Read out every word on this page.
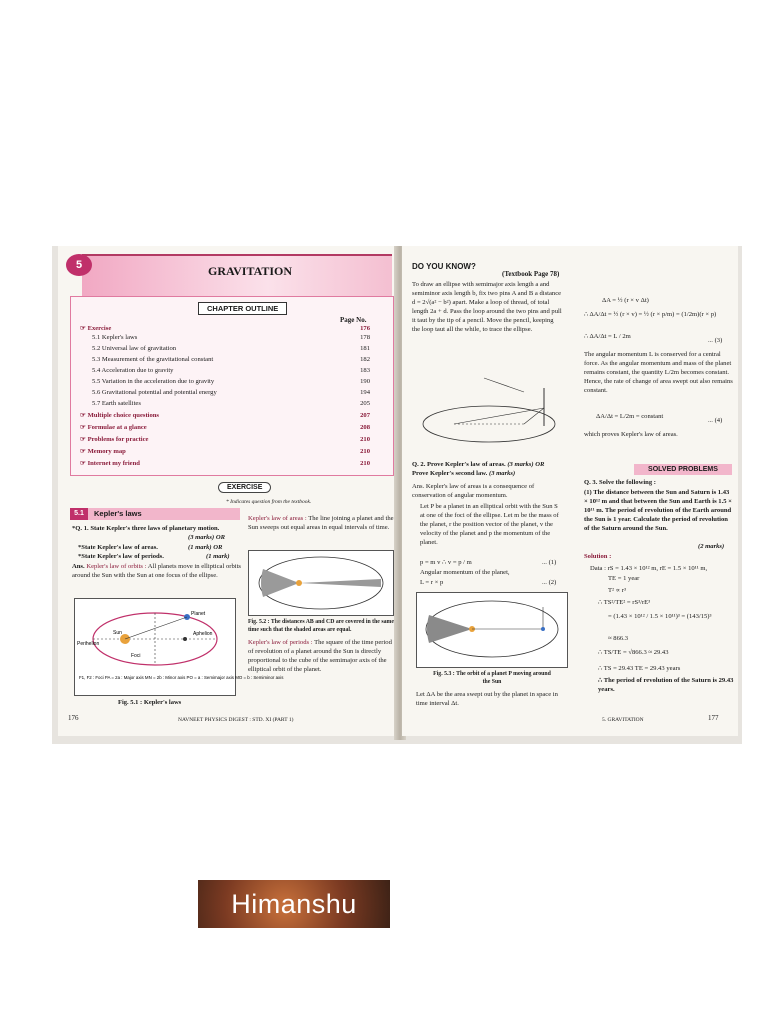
5	GRAVITATION
CHAPTER OUTLINE
Page No.
☞ Exercise	176
5.1 Kepler's laws	178
5.2 Universal law of gravitation	181
5.3 Measurement of the gravitational constant	182
5.4 Acceleration due to gravity	183
5.5 Variation in the acceleration due to gravity	190
5.6 Gravitational potential and potential energy	194
5.7 Earth satellites	205
☞ Multiple choice questions	207
☞ Formulae at a glance	208
☞ Problems for practice	210
☞ Memory map	210
☞ Internet my friend	210
EXERCISE
* Indicates question from the textbook.
5.1	Kepler's laws
*Q. 1. State Kepler's three laws of planetary motion.
(3 marks) OR
*State Kepler's law of areas.	(1 mark) OR
*State Kepler's law of periods.	(1 mark)
Ans. Kepler's law of orbits : All planets move in elliptical orbits around the Sun with the Sun at one focus of the ellipse.
Sun
Planet
Aphelion
Perihelion
Foci
F1, F2 : Foci PA = 2a : Major axis MN = 2b : Minor axis PO = a : Semimajor axis MO = b : Semiminor axis
Fig. 5.1 : Kepler's laws
Kepler's law of areas : The line joining a planet and the Sun sweeps out equal areas in equal intervals of time.
Fig. 5.2 : The distances AB and CD are covered in the same time such that the shaded areas are equal.
Kepler's law of periods : The square of the time period of revolution of a planet around the Sun is directly proportional to the cube of the semimajor axis of the elliptical orbit of the planet.
176	NAVNEET PHYSICS DIGEST : STD. XI (PART 1)
DO YOU KNOW?
(Textbook Page 78)
To draw an ellipse with semimajor axis length a and semiminor axis length b, fix two pins A and B a distance d = 2√(a² − b²) apart. Make a loop of thread, of total length 2a + d. Pass the loop around the two pins and pull it taut by the tip of a pencil. Move the pencil, keeping the loop taut all the while, to trace the ellipse.
Q. 2. Prove Kepler's law of areas. (3 marks) OR
Prove Kepler's second law. (3 marks)
Ans. Kepler's law of areas is a consequence of conservation of angular momentum.
Let P be a planet in an elliptical orbit with the Sun S at one of the foci of the ellipse. Let m be the mass of the planet, r the position vector of the planet, v the velocity of the planet and p the momentum of the planet.
p = m v ∴ v = p / m	... (1)
Angular momentum of the planet,
L = r × p	... (2)
Fig. 5.3 : The orbit of a planet P moving around the Sun
Let ΔA be the area swept out by the planet in space in time interval Δt.
ΔA = ½ (r × v Δt)
∴ ΔA/Δt = ½ (r × v) = ½ (r × p/m) = (1/2m)(r × p)
∴ ΔA/Δt = L / 2m
... (3)
The angular momentum L is conserved for a central force. As the angular momentum and mass of the planet remains constant, the quantity L/2m becomes constant. Hence, the rate of change of area swept out also remains constant.
ΔA/Δt = L/2m = constant
... (4)
which proves Kepler's law of areas.
SOLVED PROBLEMS
Q. 3. Solve the following :
(1) The distance between the Sun and Saturn is 1.43 × 10¹² m and that between the Sun and Earth is 1.5 × 10¹¹ m. The period of revolution of the Earth around the Sun is 1 year. Calculate the period of revolution of the Saturn around the Sun.
(2 marks)
Solution :
Data : rS = 1.43 × 10¹² m, rE = 1.5 × 10¹¹ m,
TE = 1 year
T² ∝ r³
∴ TS²/TE² = rS³/rE³
= (1.43 × 10¹² / 1.5 × 10¹¹)³ = (143/15)³
≈ 866.3
∴ TS/TE = √866.3 ≈ 29.43
∴ TS = 29.43 TE = 29.43 years
∴ The period of revolution of the Saturn is 29.43 years.
5. GRAVITATION	177
Himanshu
